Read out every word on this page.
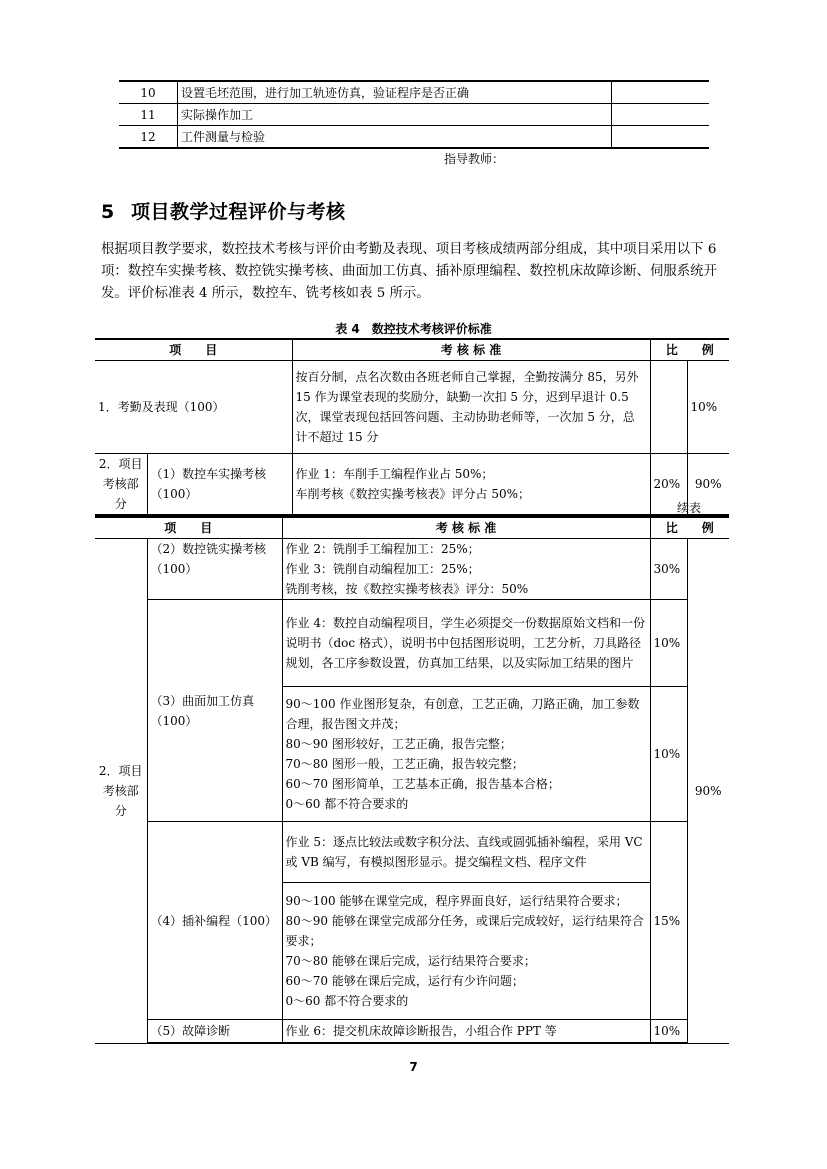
10	设置毛坯范围，进行加工轨迹仿真，验证程序是否正确	
11	实际操作加工	
12	工件测量与检验	
指导教师：
5 项目教学过程评价与考核
根据项目教学要求，数控技术考核与评价由考勤及表现、项目考核成绩两部分组成，其中项目采用以下 6 项：数控车实操考核、数控铣实操考核、曲面加工仿真、插补原理编程、数控机床故障诊断、伺服系统开发。评价标准表 4 所示，数控车、铣考核如表 5 所示。
表 4　数控技术考核评价标准
项　　目		考 核 标 准	比　　例	
1．考勤及表现（100）		按百分制，点名次数由各班老师自己掌握，全勤按满分 85，另外 15 作为课堂表现的奖励分，缺勤一次扣 5 分，迟到早退计 0.5 次，课堂表现包括回答问题、主动协助老师等，一次加 5 分，总计不超过 15 分		10%
2．项目考核部分	（1）数控车实操考核（100）	作业 1：车削手工编程作业占 50%；
车削考核《数控实操考核表》评分占 50%；	20%	90%
续表
项　　目		考 核 标 准	比　　例	
2．项目考核部分	（2）数控铣实操考核（100）	作业 2：铣削手工编程加工：25%；
作业 3：铣削自动编程加工：25%；
铣削考核，按《数控实操考核表》评分：50%	30%	90%
	（3）曲面加工仿真（100）	作业 4：数控自动编程项目，学生必须提交一份数据原始文档和一份说明书（doc 格式），说明书中包括图形说明，工艺分析，刀具路径规划，各工序参数设置，仿真加工结果，以及实际加工结果的图片	10%	

		90～100 作业图形复杂，有创意，工艺正确，刀路正确，加工参数合理，报告图文并茂；
80～90 图形较好，工艺正确，报告完整；
70～80 图形一般，工艺正确，报告较完整；
60～70 图形简单，工艺基本正确，报告基本合格；
0～60 都不符合要求的	10%	
	（4）插补编程（100）	作业 5：逐点比较法或数字积分法、直线或圆弧插补编程，采用 VC 或 VB 编写，有模拟图形显示。提交编程文档、程序文件	15%	

		90～100 能够在课堂完成，程序界面良好，运行结果符合要求；
80～90 能够在课堂完成部分任务，或课后完成较好，运行结果符合要求；
70～80 能够在课后完成，运行结果符合要求；
60～70 能够在课后完成，运行有少许问题；
0～60 都不符合要求的		

	（5）故障诊断	作业 6：提交机床故障诊断报告，小组合作 PPT 等	10%	
7
